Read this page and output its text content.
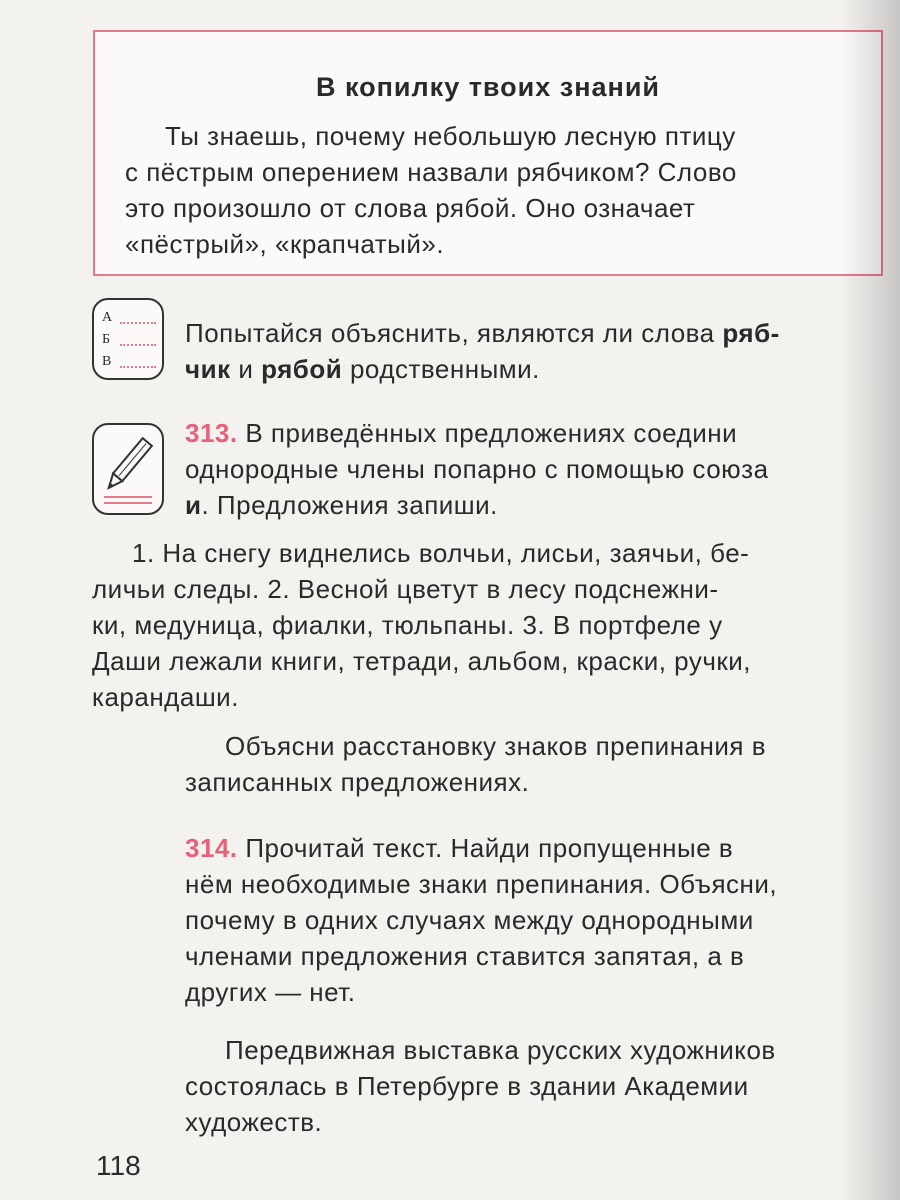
В копилку твоих знаний
Ты знаешь, почему небольшую лесную птицу
с пёстрым оперением назвали рябчиком? Слово
это произошло от слова рябой. Оно означает
«пёстрый», «крапчатый».
А
Б
В
Попытайся объяснить, являются ли слова ряб-
чик и рябой родственными.
313. В приведённых предложениях соедини
однородные члены попарно с помощью союза
и. Предложения запиши.
1. На снегу виднелись волчьи, лисьи, заячьи, бе-
личьи следы. 2. Весной цветут в лесу подснежни-
ки, медуница, фиалки, тюльпаны. 3. В портфеле у
Даши лежали книги, тетради, альбом, краски, ручки,
карандаши.
Объясни расстановку знаков препинания в
записанных предложениях.
314. Прочитай текст. Найди пропущенные в
нём необходимые знаки препинания. Объясни,
почему в одних случаях между однородными
членами предложения ставится запятая, а в
других — нет.
Передвижная выставка русских художников
состоялась в Петербурге в здании Академии
художеств.
118
